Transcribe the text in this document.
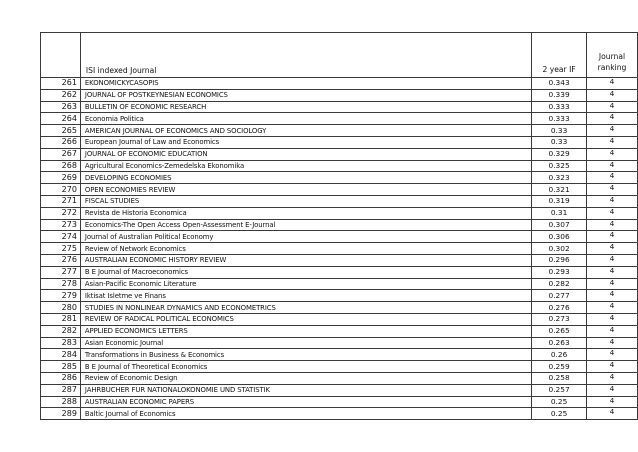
	ISI indexed Journal	2 year IF	Journal ranking

261	EKONOMICKYCASOPIS	0.343	4
262	JOURNAL OF POSTKEYNESIAN ECONOMICS	0.339	4
263	BULLETIN OF ECONOMIC RESEARCH	0.333	4
264	Economia Politica	0.333	4
265	AMERICAN JOURNAL OF ECONOMICS AND SOCIOLOGY	0.33	4
266	European Journal of Law and Economics	0.33	4
267	JOURNAL OF ECONOMIC EDUCATION	0.329	4
268	Agricultural Economics-Zemedelska Ekonomika	0.325	4
269	DEVELOPING ECONOMIES	0.323	4
270	OPEN ECONOMIES REVIEW	0.321	4
271	FISCAL STUDIES	0.319	4
272	Revista de Historia Economica	0.31	4
273	Economics-The Open Access Open-Assessment E-Journal	0.307	4
274	Journal of Australian Political Economy	0.306	4
275	Review of Network Economics	0.302	4
276	AUSTRALIAN ECONOMIC HISTORY REVIEW	0.296	4
277	B E Journal of Macroeconomics	0.293	4
278	Asian-Pacific Economic Literature	0.282	4
279	Iktisat Isletme ve Finans	0.277	4
280	STUDIES IN NONLINEAR DYNAMICS AND ECONOMETRICS	0.276	4
281	REVIEW OF RADICAL POLITICAL ECONOMICS	0.273	4
282	APPLIED ECONOMICS LETTERS	0.265	4
283	Asian Economic Journal	0.263	4
284	Transformations in Business & Economics	0.26	4
285	B E Journal of Theoretical Economics	0.259	4
286	Review of Economic Design	0.258	4
287	JAHRBUCHER FUR NATIONALOKONOMIE UND STATISTIK	0.257	4
288	AUSTRALIAN ECONOMIC PAPERS	0.25	4
289	Baltic Journal of Economics	0.25	4
